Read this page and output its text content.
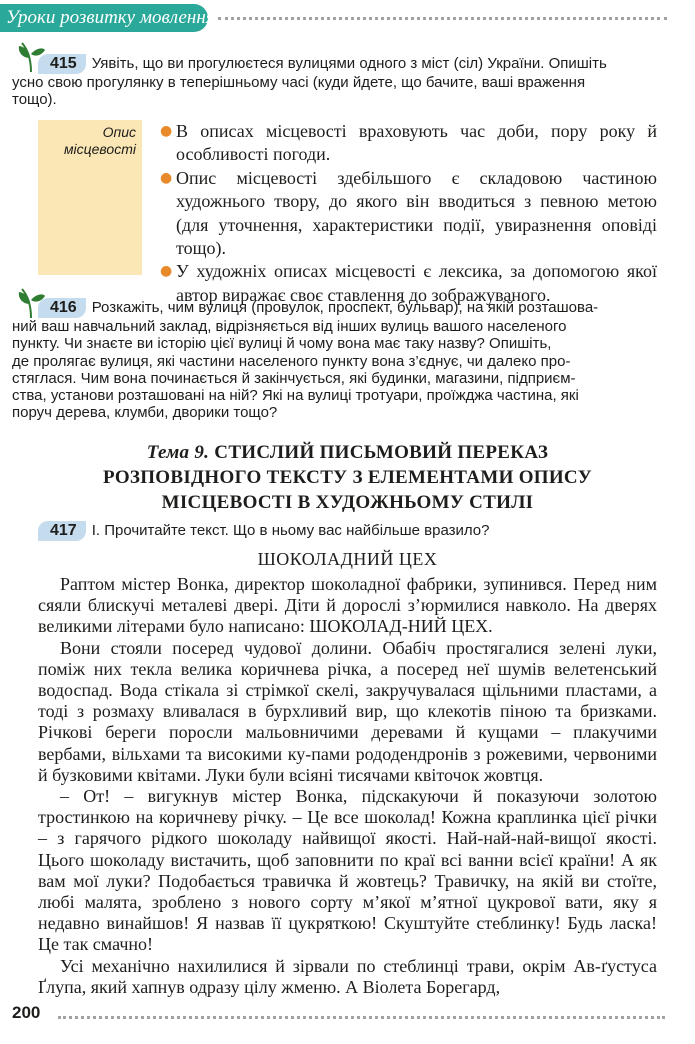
Уроки розвитку мовлення
415 Уявіть, що ви прогулюєтеся вулицями одного з міст (сіл) України. Опишіть
усно свою прогулянку в теперішньому часі (куди йдете, що бачите, ваші враження
тощо).
Опис
місцевості

● В описах місцевості враховують час доби, пору року й особливості погоди.

● Опис місцевості здебільшого є складовою частиною художнього твору, до якого він вводиться з певною метою (для уточнення, характеристики події, увиразнення оповіді тощо).

● У художніх описах місцевості є лексика, за допомогою якої автор виражає своє ставлення до зображуваного.

416 Розкажіть, чим вулиця (провулок, проспект, бульвар), на якій розташова-
ний ваш навчальний заклад, відрізняється від інших вулиць вашого населеного
пункту. Чи знаєте ви історію цієї вулиці й чому вона має таку назву? Опишіть,
де пролягає вулиця, які частини населеного пункту вона з’єднує, чи далеко про-
стяглася. Чим вона починається й закінчується, які будинки, магазини, підприєм-
ства, установи розташовані на ній? Які на вулиці тротуари, проїжджа частина, які
поруч дерева, клумби, дворики тощо?
Тема 9. СТИСЛИЙ ПИСЬМОВИЙ ПЕРЕКАЗ
РОЗПОВІДНОГО ТЕКСТУ З ЕЛЕМЕНТАМИ ОПИСУ
МІСЦЕВОСТІ В ХУДОЖНЬОМУ СТИЛІ
417 І. Прочитайте текст. Що в ньому вас найбільше вразило?
ШОКОЛАДНИЙ ЦЕХ

Раптом містер Вонка, директор шоколадної фабрики, зупинився. Перед ним сяяли блискучі металеві двері. Діти й дорослі з’юрмилися навколо. На дверях великими літерами було написано: ШОКОЛАД-НИЙ ЦЕХ.

Вони стояли посеред чудової долини. Обабіч простягалися зелені луки, поміж них текла велика коричнева річка, а посеред неї шумів велетенський водоспад. Вода стікала зі стрімкої скелі, закручувалася щільними пластами, а тоді з розмаху вливалася в бурхливий вир, що клекотів піною та бризками. Річкові береги поросли мальовничими деревами й кущами – плакучими вербами, вільхами та високими ку-пами рододендронів з рожевими, червоними й бузковими квітами. Луки були всіяні тисячами квіточок жовтця.

– От! – вигукнув містер Вонка, підскакуючи й показуючи золотою тростинкою на коричневу річку. – Це все шоколад! Кожна краплинка цієї річки – з гарячого рідкого шоколаду найвищої якості. Най-най-най-вищої якості. Цього шоколаду вистачить, щоб заповнити по краї всі ванни всієї країни! А як вам мої луки? Подобається травичка й жовтець? Травичку, на якій ви стоїте, любі малята, зроблено з нового сорту м’якої м’ятної цукрової вати, яку я недавно винайшов! Я назвав її цукряткою! Скуштуйте стеблинку! Будь ласка! Це так смачно!

Усі механічно нахилилися й зірвали по стеблинці трави, окрім Ав-ґустуса Ґлупа, який хапнув одразу цілу жменю. А Віолета Борегард,

200
